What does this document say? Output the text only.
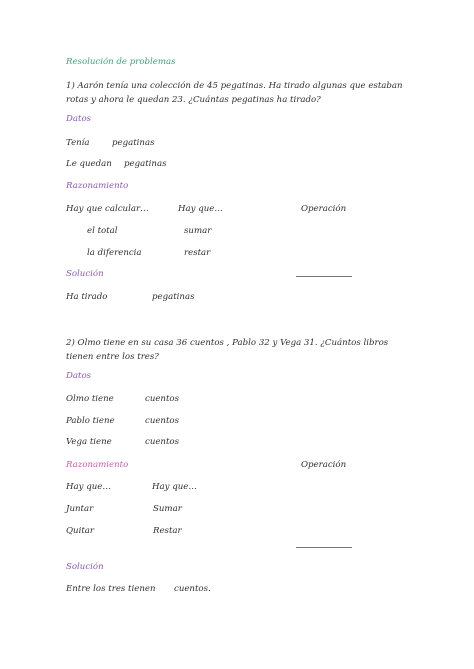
Resolución de problemas
1) Aarón tenía una colección de 45 pegatinas. Ha tirado algunas que estaban rotas y ahora le quedan 23. ¿Cuántas pegatinas ha tirado?
Datos
Tenía	pegatinas
Le quedan pegatinas
Razonamiento
Hay que calcular…	Hay que…	Operación
el total	sumar
la diferencia	restar
Solución
Ha tirado	pegatinas
2) Olmo tiene en su casa 36 cuentos , Pablo 32 y Vega 31. ¿Cuántos libros tienen entre los tres?
Datos
Olmo tiene	cuentos
Pablo tiene	cuentos
Vega tiene	cuentos
Razonamiento	Operación
Hay que…	Hay que…
Juntar	Sumar
Quitar	Restar
Solución
Entre los tres tienen cuentos.
